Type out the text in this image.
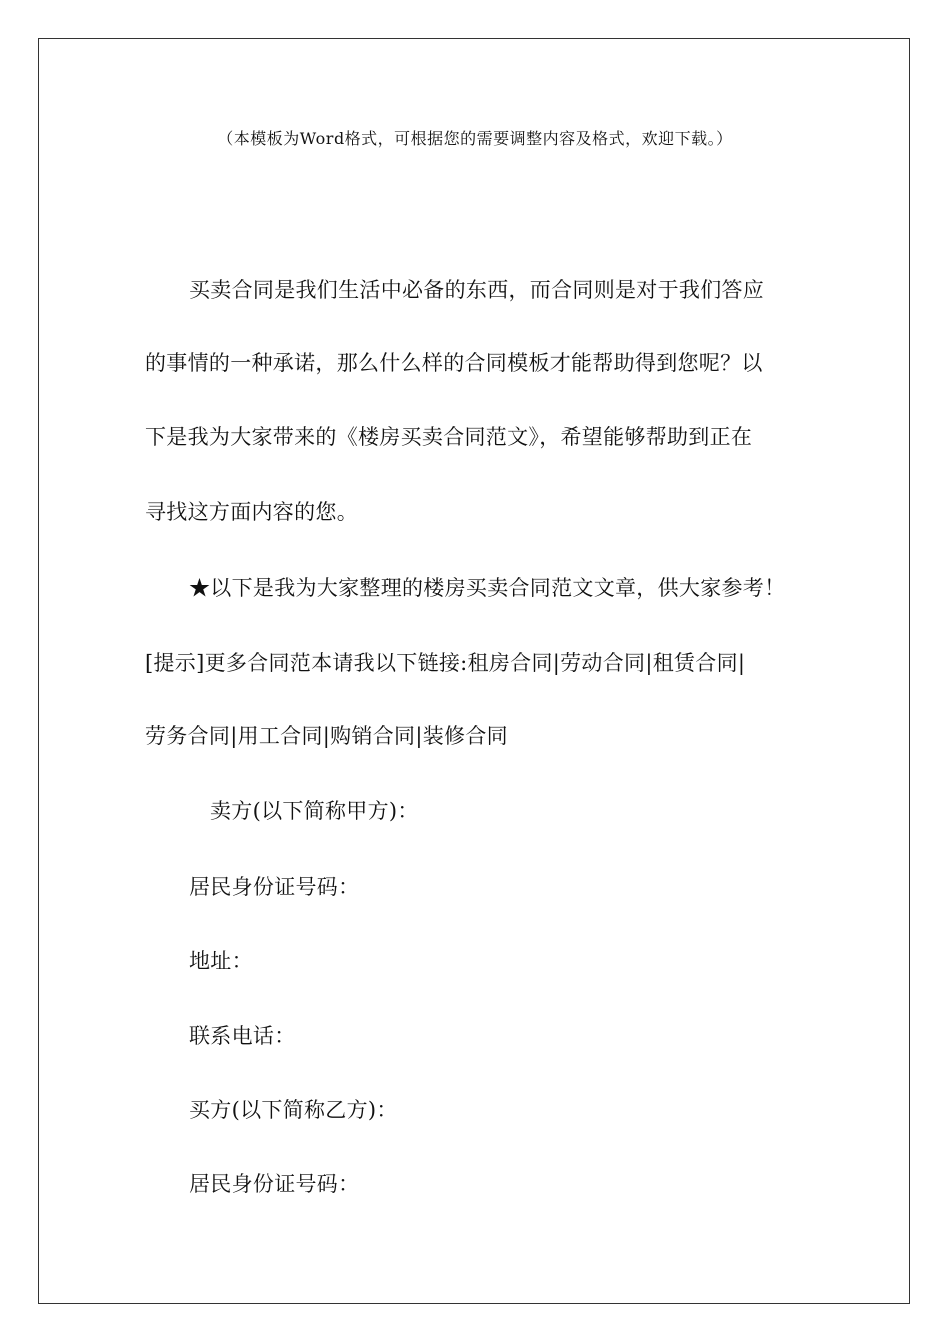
（本模板为Word格式，可根据您的需要调整内容及格式，欢迎下载。）
买卖合同是我们生活中必备的东西，而合同则是对于我们答应
的事情的一种承诺，那么什么样的合同模板才能帮助得到您呢？以
下是我为大家带来的《楼房买卖合同范文》，希望能够帮助到正在
寻找这方面内容的您。
★以下是我为大家整理的楼房买卖合同范文文章，供大家参考！
[提示]更多合同范本请我以下链接:租房合同|劳动合同|租赁合同|
劳务合同|用工合同|购销合同|装修合同
卖方(以下简称甲方)：
居民身份证号码：
地址：
联系电话：
买方(以下简称乙方)：
居民身份证号码：
